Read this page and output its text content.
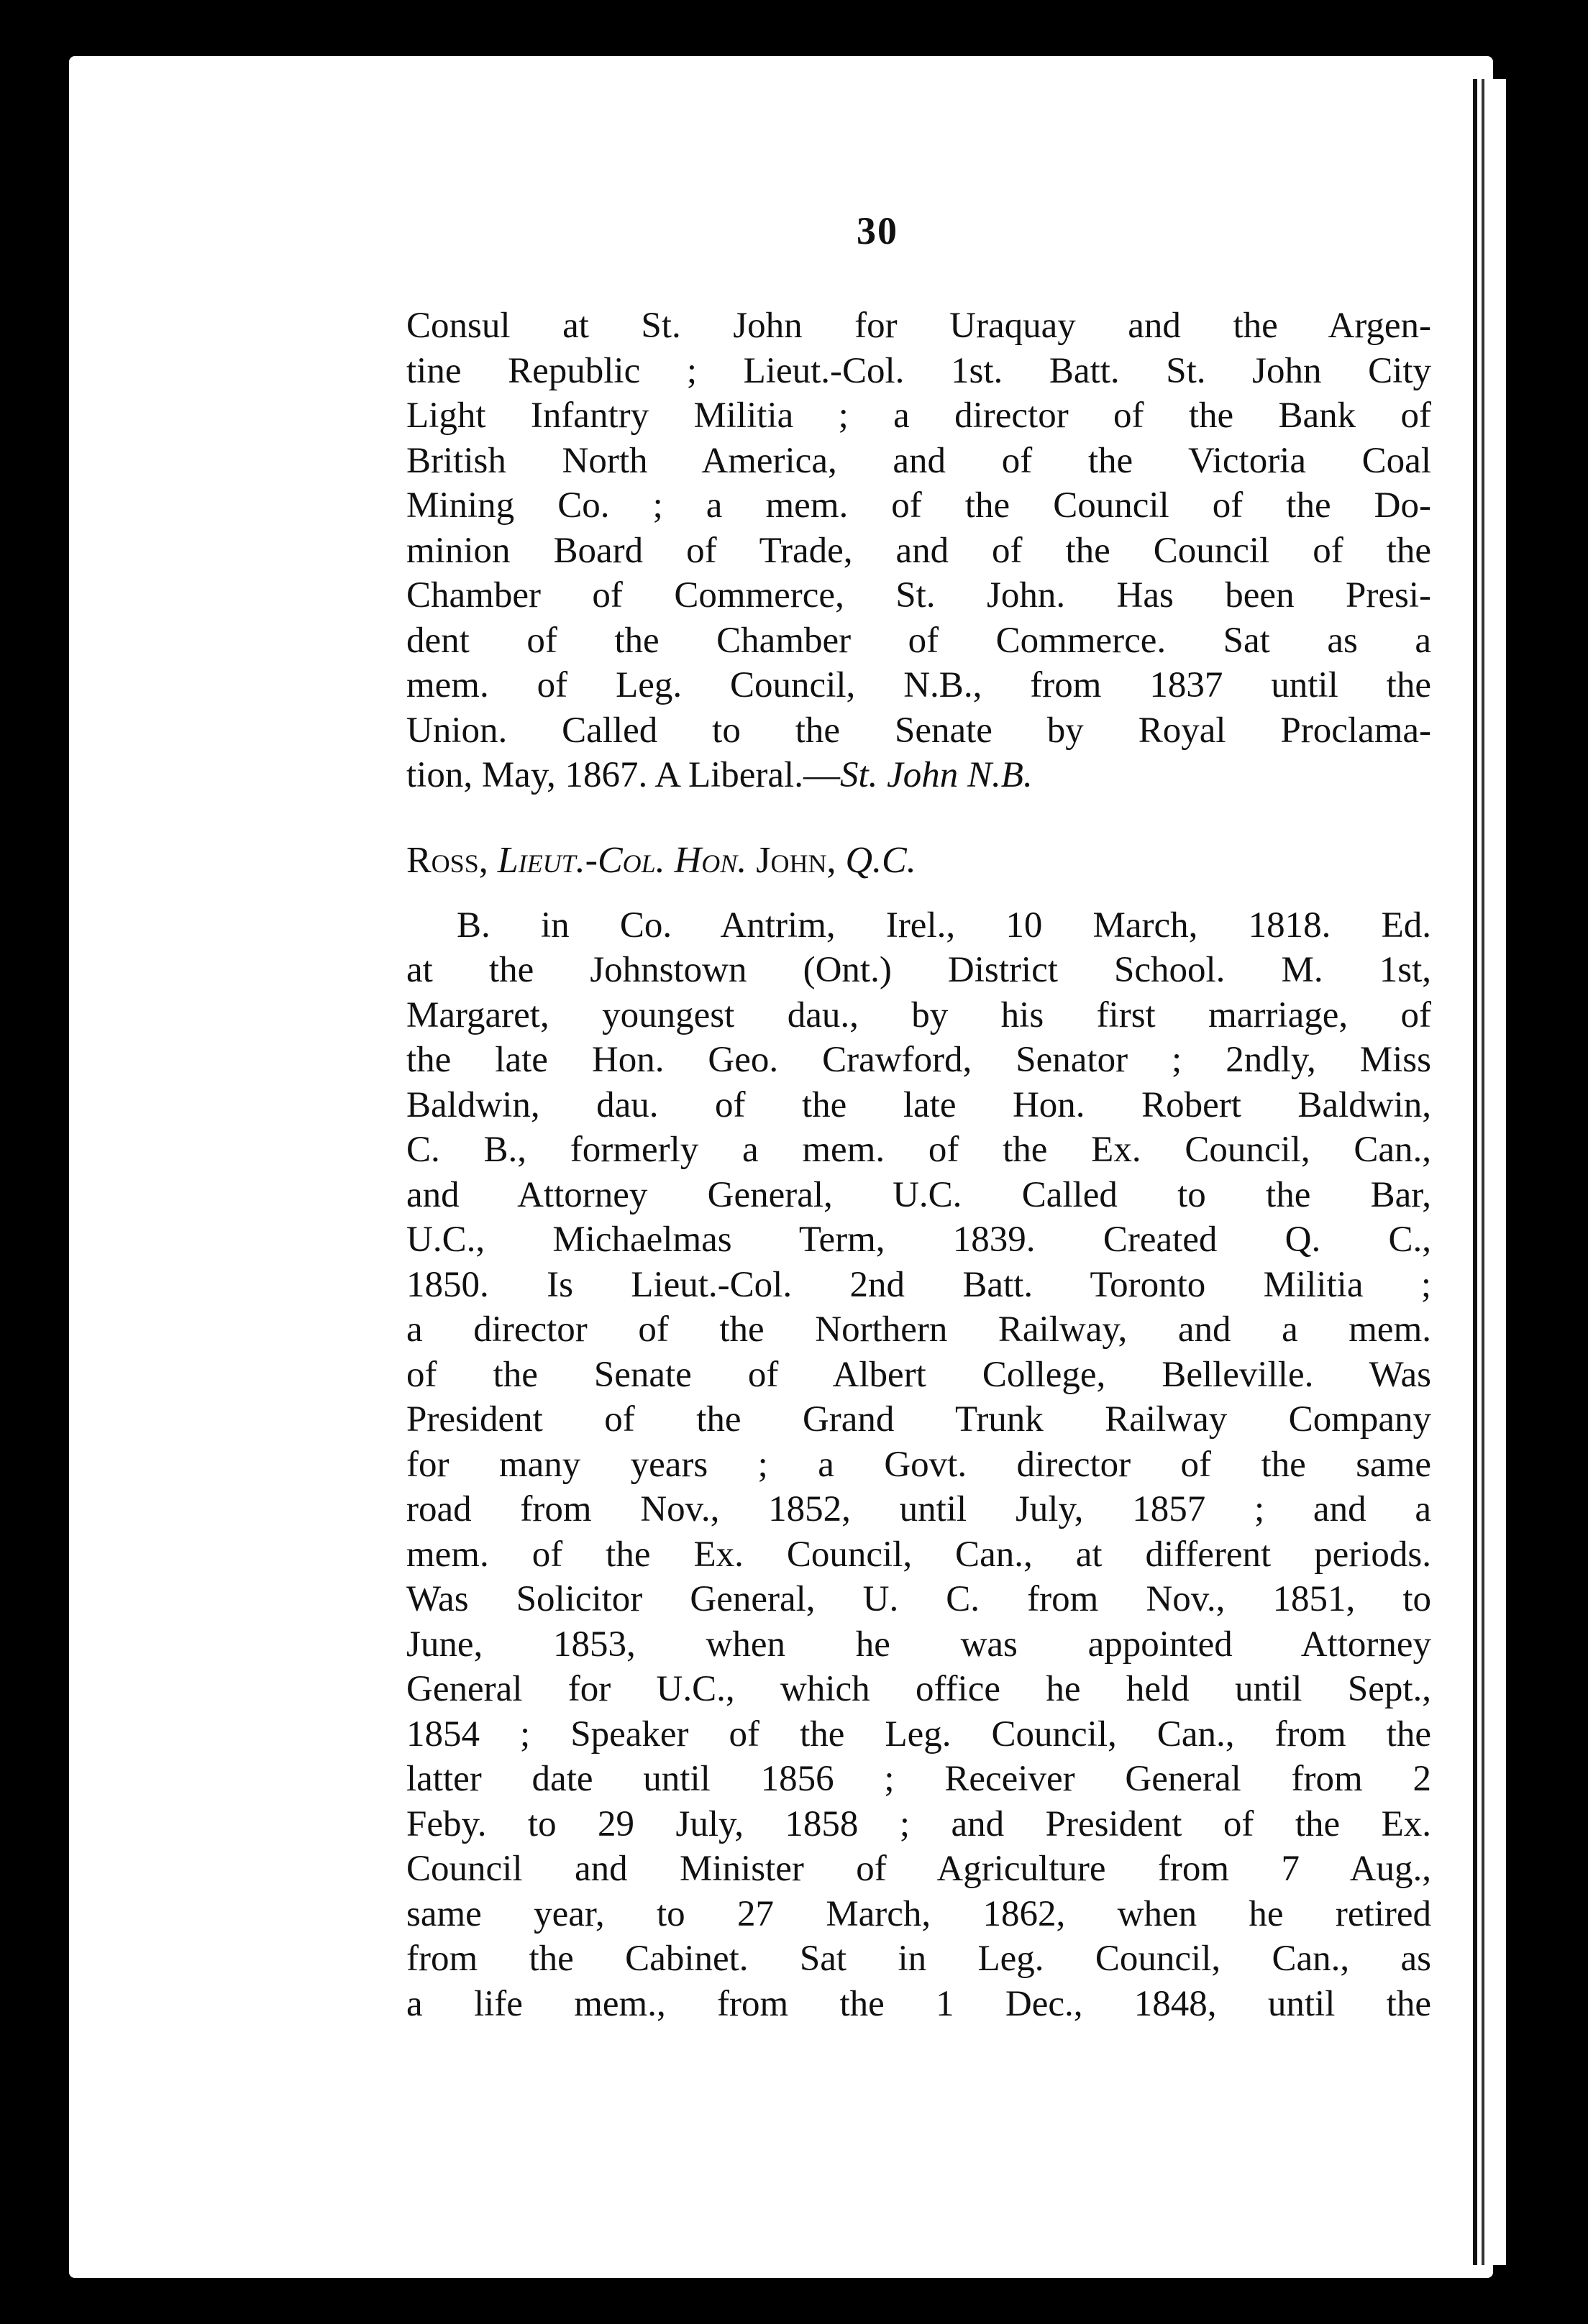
30

Consul at St. John for Uraquay and the Argen-
tine Republic ; Lieut.-Col. 1st. Batt. St. John City
Light Infantry Militia ; a director of the Bank of
British North America, and of the Victoria Coal
Mining Co. ; a mem. of the Council of the Do-
minion Board of Trade, and of the Council of the
Chamber of Commerce, St. John. Has been Presi-
dent of the Chamber of Commerce. Sat as a
mem. of Leg. Council, N.B., from 1837 until the
Union. Called to the Senate by Royal Proclama-
tion, May, 1867. A Liberal.—St. John N.B.

Ross, Lieut.-Col. Hon. John, Q.C.

B. in Co. Antrim, Irel., 10 March, 1818. Ed.
at the Johnstown (Ont.) District School. M. 1st,
Margaret, youngest dau., by his first marriage, of
the late Hon. Geo. Crawford, Senator ; 2ndly, Miss
Baldwin, dau. of the late Hon. Robert Baldwin,
C. B., formerly a mem. of the Ex. Council, Can.,
and Attorney General, U.C. Called to the Bar,
U.C., Michaelmas Term, 1839. Created Q. C.,
1850. Is Lieut.-Col. 2nd Batt. Toronto Militia ;
a director of the Northern Railway, and a mem.
of the Senate of Albert College, Belleville. Was
President of the Grand Trunk Railway Company
for many years ; a Govt. director of the same
road from Nov., 1852, until July, 1857 ; and a
mem. of the Ex. Council, Can., at different periods.
Was Solicitor General, U. C. from Nov., 1851, to
June, 1853, when he was appointed Attorney
General for U.C., which office he held until Sept.,
1854 ; Speaker of the Leg. Council, Can., from the
latter date until 1856 ; Receiver General from 2
Feby. to 29 July, 1858 ; and President of the Ex.
Council and Minister of Agriculture from 7 Aug.,
same year, to 27 March, 1862, when he retired
from the Cabinet. Sat in Leg. Council, Can., as
a life mem., from the 1 Dec., 1848, until the
